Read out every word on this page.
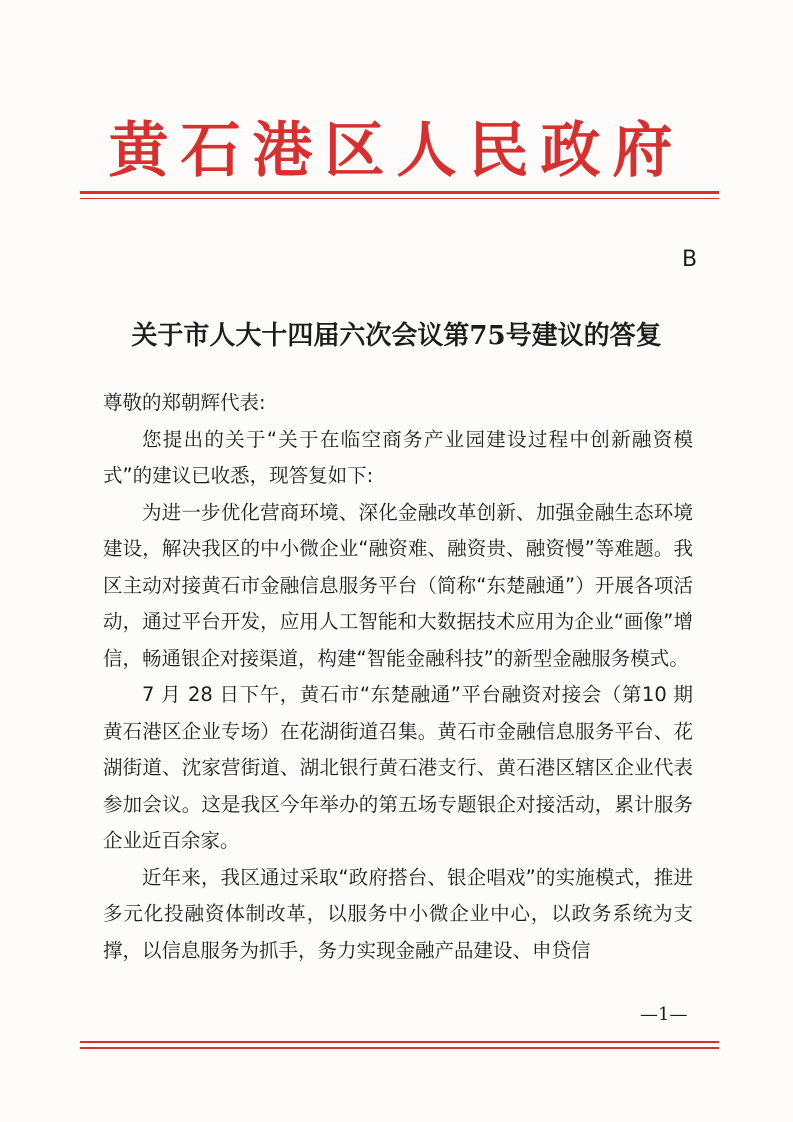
黄石港区人民政府
B
关于市人大十四届六次会议第75号建议的答复

尊敬的郑朝辉代表:

您提出的关于“关于在临空商务产业园建设过程中创新融资模式”的建议已收悉，现答复如下:

为进一步优化营商环境、深化金融改革创新、加强金融生态环境建设，解决我区的中小微企业“融资难、融资贵、融资慢”等难题。我区主动对接黄石市金融信息服务平台（简称“东楚融通”）开展各项活动，通过平台开发，应用人工智能和大数据技术应用为企业“画像”增信，畅通银企对接渠道，构建“智能金融科技”的新型金融服务模式。

7 月 28 日下午，黄石市“东楚融通”平台融资对接会（第10 期黄石港区企业专场）在花湖街道召集。黄石市金融信息服务平台、花湖街道、沈家营街道、湖北银行黄石港支行、黄石港区辖区企业代表参加会议。这是我区今年举办的第五场专题银企对接活动，累计服务企业近百余家。

近年来，我区通过采取“政府搭台、银企唱戏”的实施模式，推进多元化投融资体制改革，以服务中小微企业中心，以政务系统为支撑，以信息服务为抓手，务力实现金融产品建设、申贷信

—1—
